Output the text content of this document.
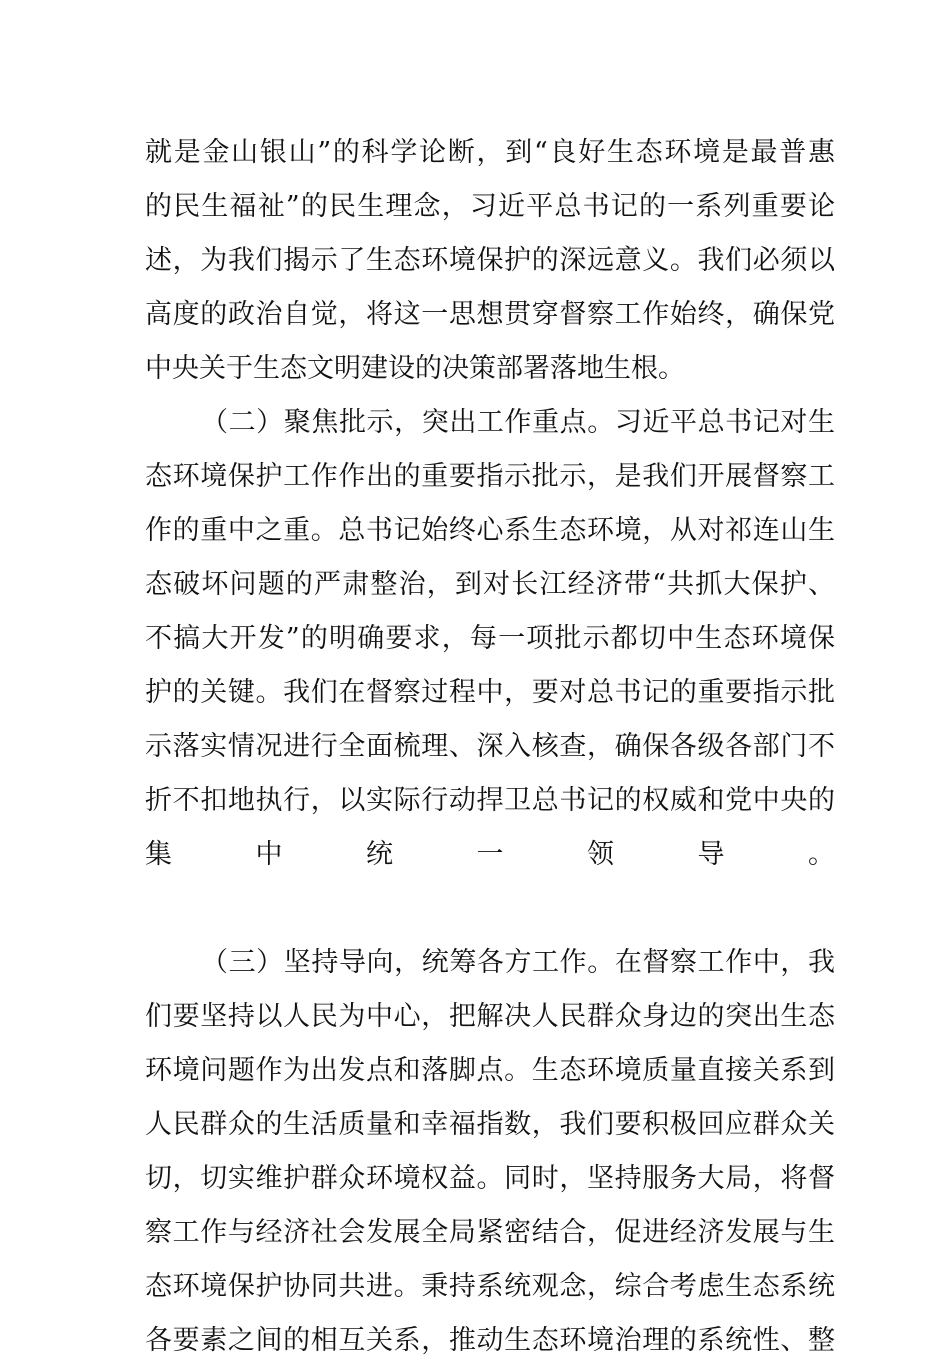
就是金山银山”的科学论断，到“良好生态环境是最普惠
的民生福祉”的民生理念，习近平总书记的一系列重要论
述，为我们揭示了生态环境保护的深远意义。我们必须以
高度的政治自觉，将这一思想贯穿督察工作始终，确保党
中央关于生态文明建设的决策部署落地生根。
（二）聚焦批示，突出工作重点。习近平总书记对生
态环境保护工作作出的重要指示批示，是我们开展督察工
作的重中之重。总书记始终心系生态环境，从对祁连山生
态破坏问题的严肃整治，到对长江经济带“共抓大保护、
不搞大开发”的明确要求，每一项批示都切中生态环境保
护的关键。我们在督察过程中，要对总书记的重要指示批
示落实情况进行全面梳理、深入核查，确保各级各部门不
折不扣地执行，以实际行动捍卫总书记的权威和党中央的
集中统一领导。
（三）坚持导向，统筹各方工作。在督察工作中，我
们要坚持以人民为中心，把解决人民群众身边的突出生态
环境问题作为出发点和落脚点。生态环境质量直接关系到
人民群众的生活质量和幸福指数，我们要积极回应群众关
切，切实维护群众环境权益。同时，坚持服务大局，将督
察工作与经济社会发展全局紧密结合，促进经济发展与生
态环境保护协同共进。秉持系统观念，综合考虑生态系统
各要素之间的相互关系，推动生态环境治理的系统性、整
